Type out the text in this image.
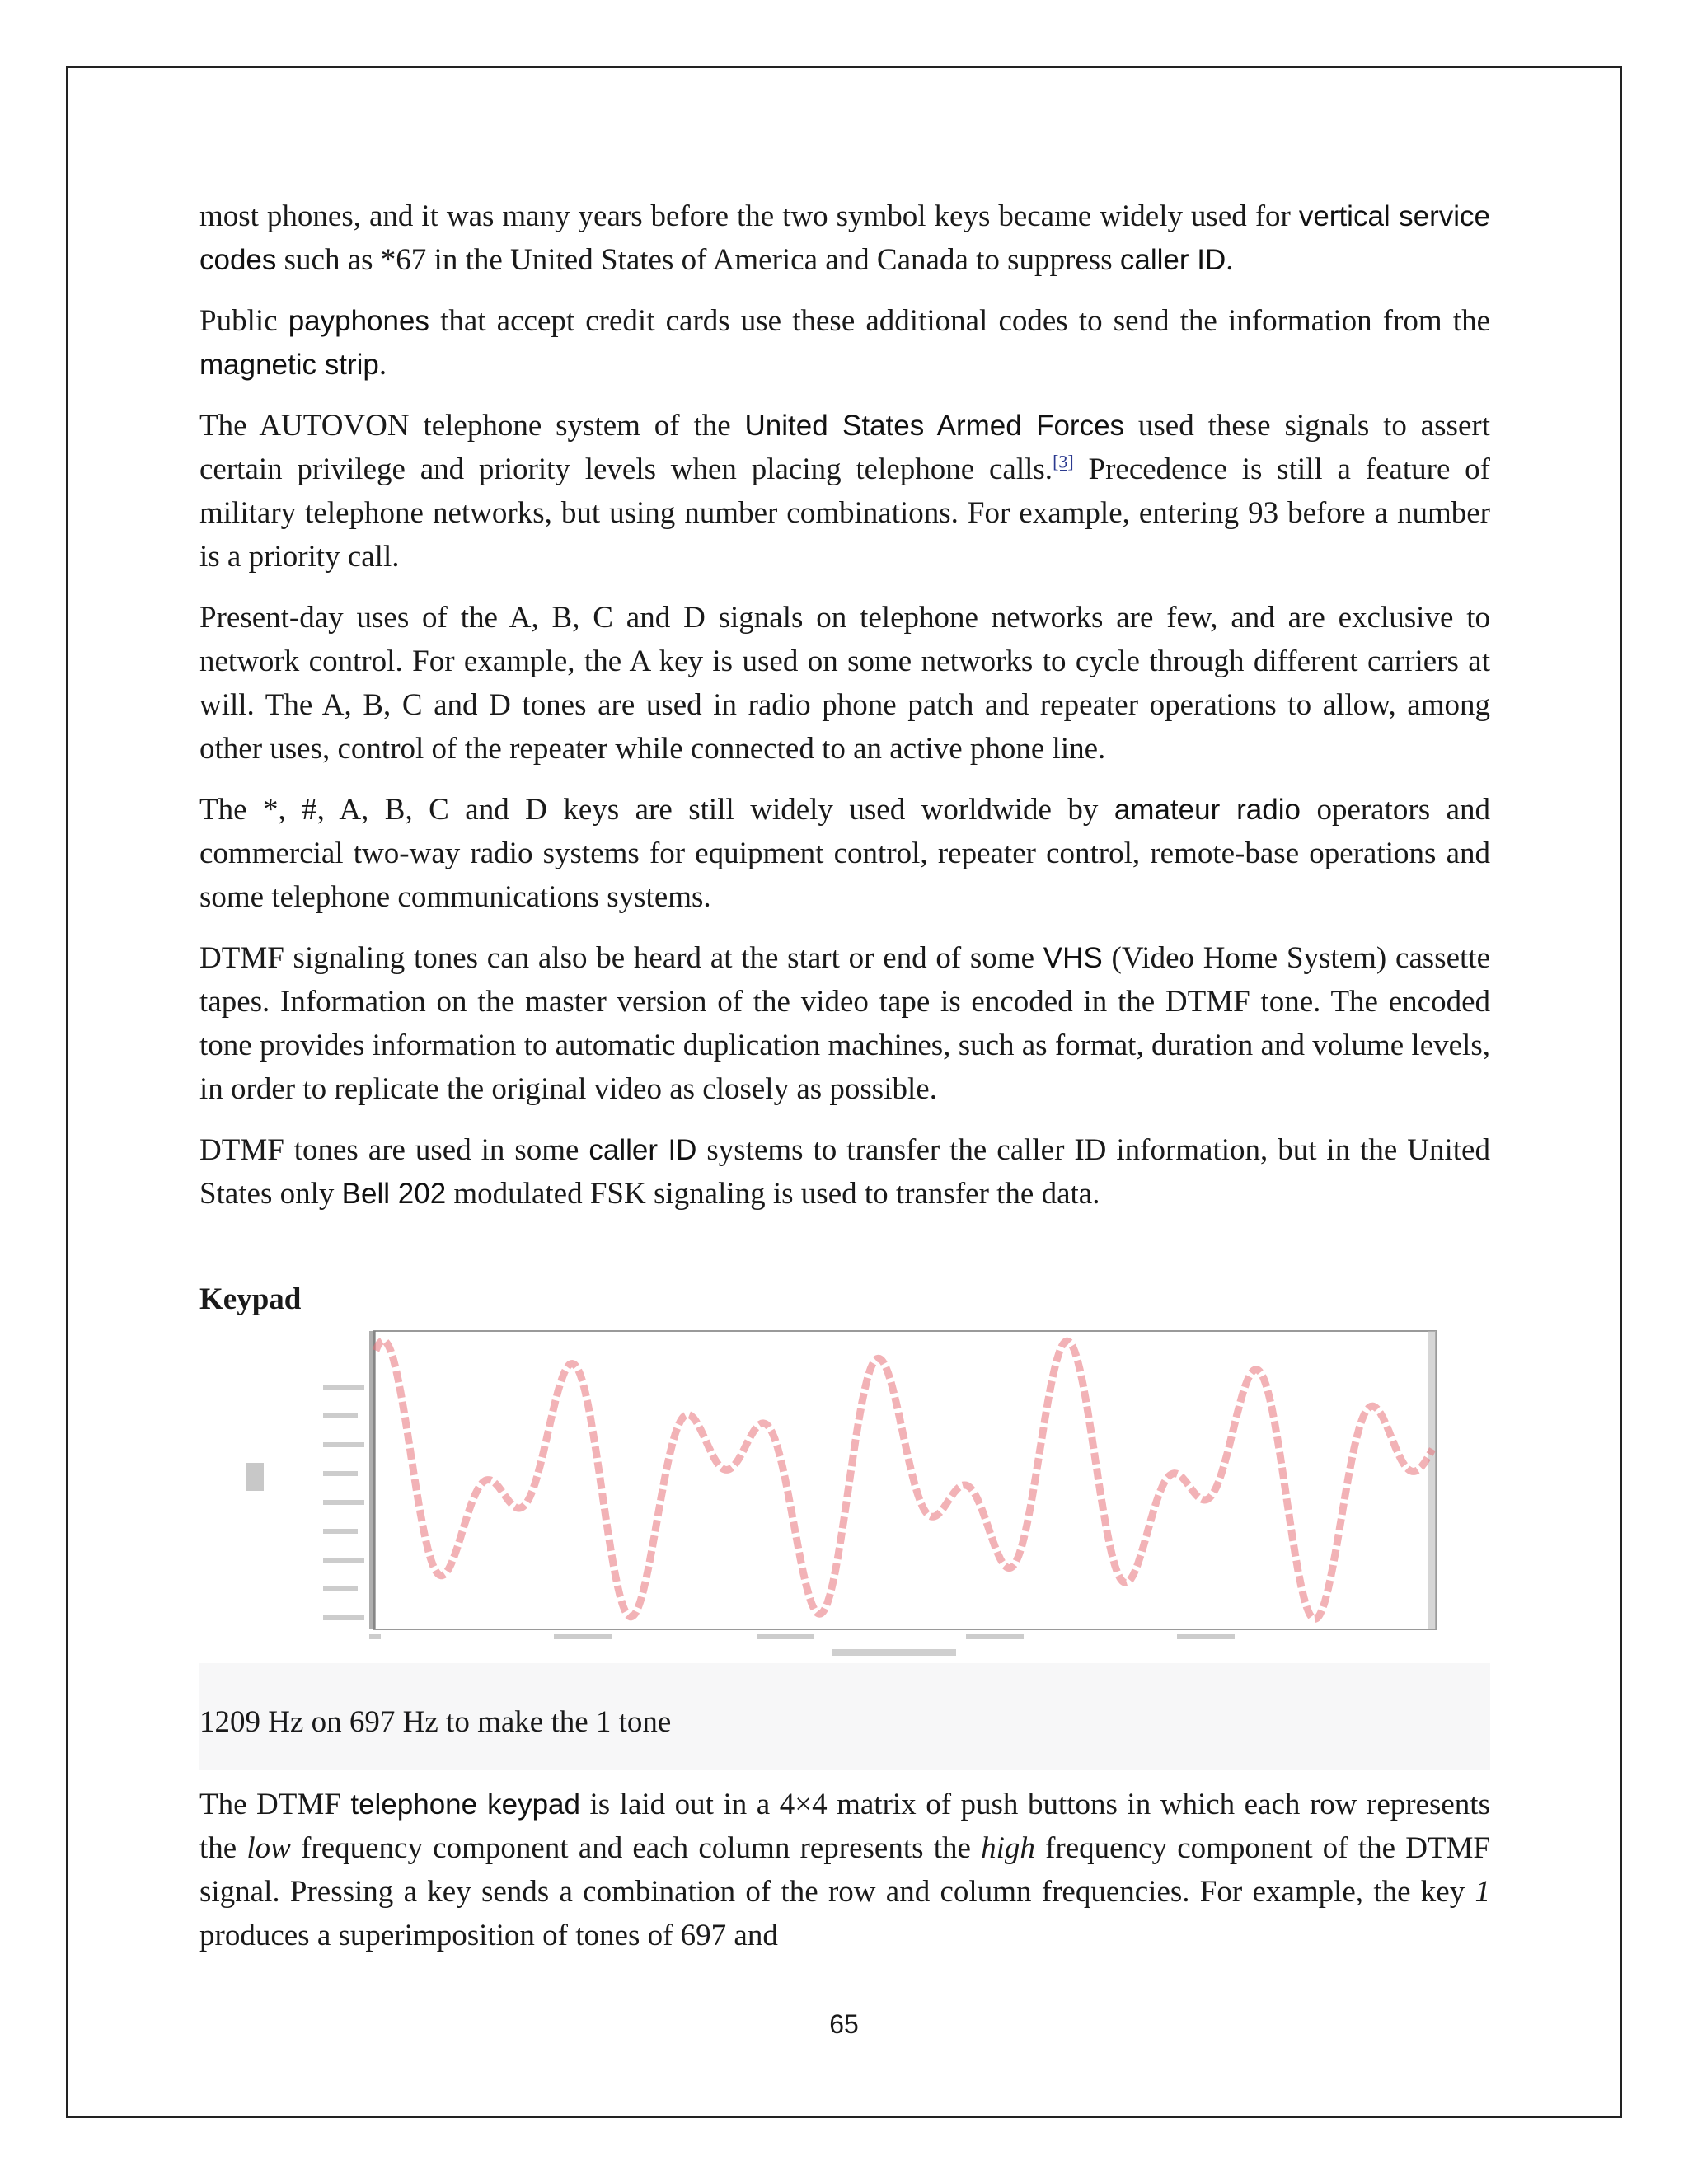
most phones, and it was many years before the two symbol keys became widely used for vertical service codes such as *67 in the United States of America and Canada to suppress caller ID.

Public payphones that accept credit cards use these additional codes to send the information from the magnetic strip.

The AUTOVON telephone system of the United States Armed Forces used these signals to assert certain privilege and priority levels when placing telephone calls.[3] Precedence is still a feature of military telephone networks, but using number combinations. For example, entering 93 before a number is a priority call.

Present-day uses of the A, B, C and D signals on telephone networks are few, and are exclusive to network control. For example, the A key is used on some networks to cycle through different carriers at will. The A, B, C and D tones are used in radio phone patch and repeater operations to allow, among other uses, control of the repeater while connected to an active phone line.

The *, #, A, B, C and D keys are still widely used worldwide by amateur radio operators and commercial two-way radio systems for equipment control, repeater control, remote-base operations and some telephone communications systems.

DTMF signaling tones can also be heard at the start or end of some VHS (Video Home System) cassette tapes. Information on the master version of the video tape is encoded in the DTMF tone. The encoded tone provides information to automatic duplication machines, such as format, duration and volume levels, in order to replicate the original video as closely as possible.

DTMF tones are used in some caller ID systems to transfer the caller ID information, but in the United States only Bell 202 modulated FSK signaling is used to transfer the data.

Keypad
1209 Hz on 697 Hz to make the 1 tone

The DTMF telephone keypad is laid out in a 4×4 matrix of push buttons in which each row represents the low frequency component and each column represents the high frequency component of the DTMF signal. Pressing a key sends a combination of the row and column frequencies. For example, the key 1 produces a superimposition of tones of 697 and

65
